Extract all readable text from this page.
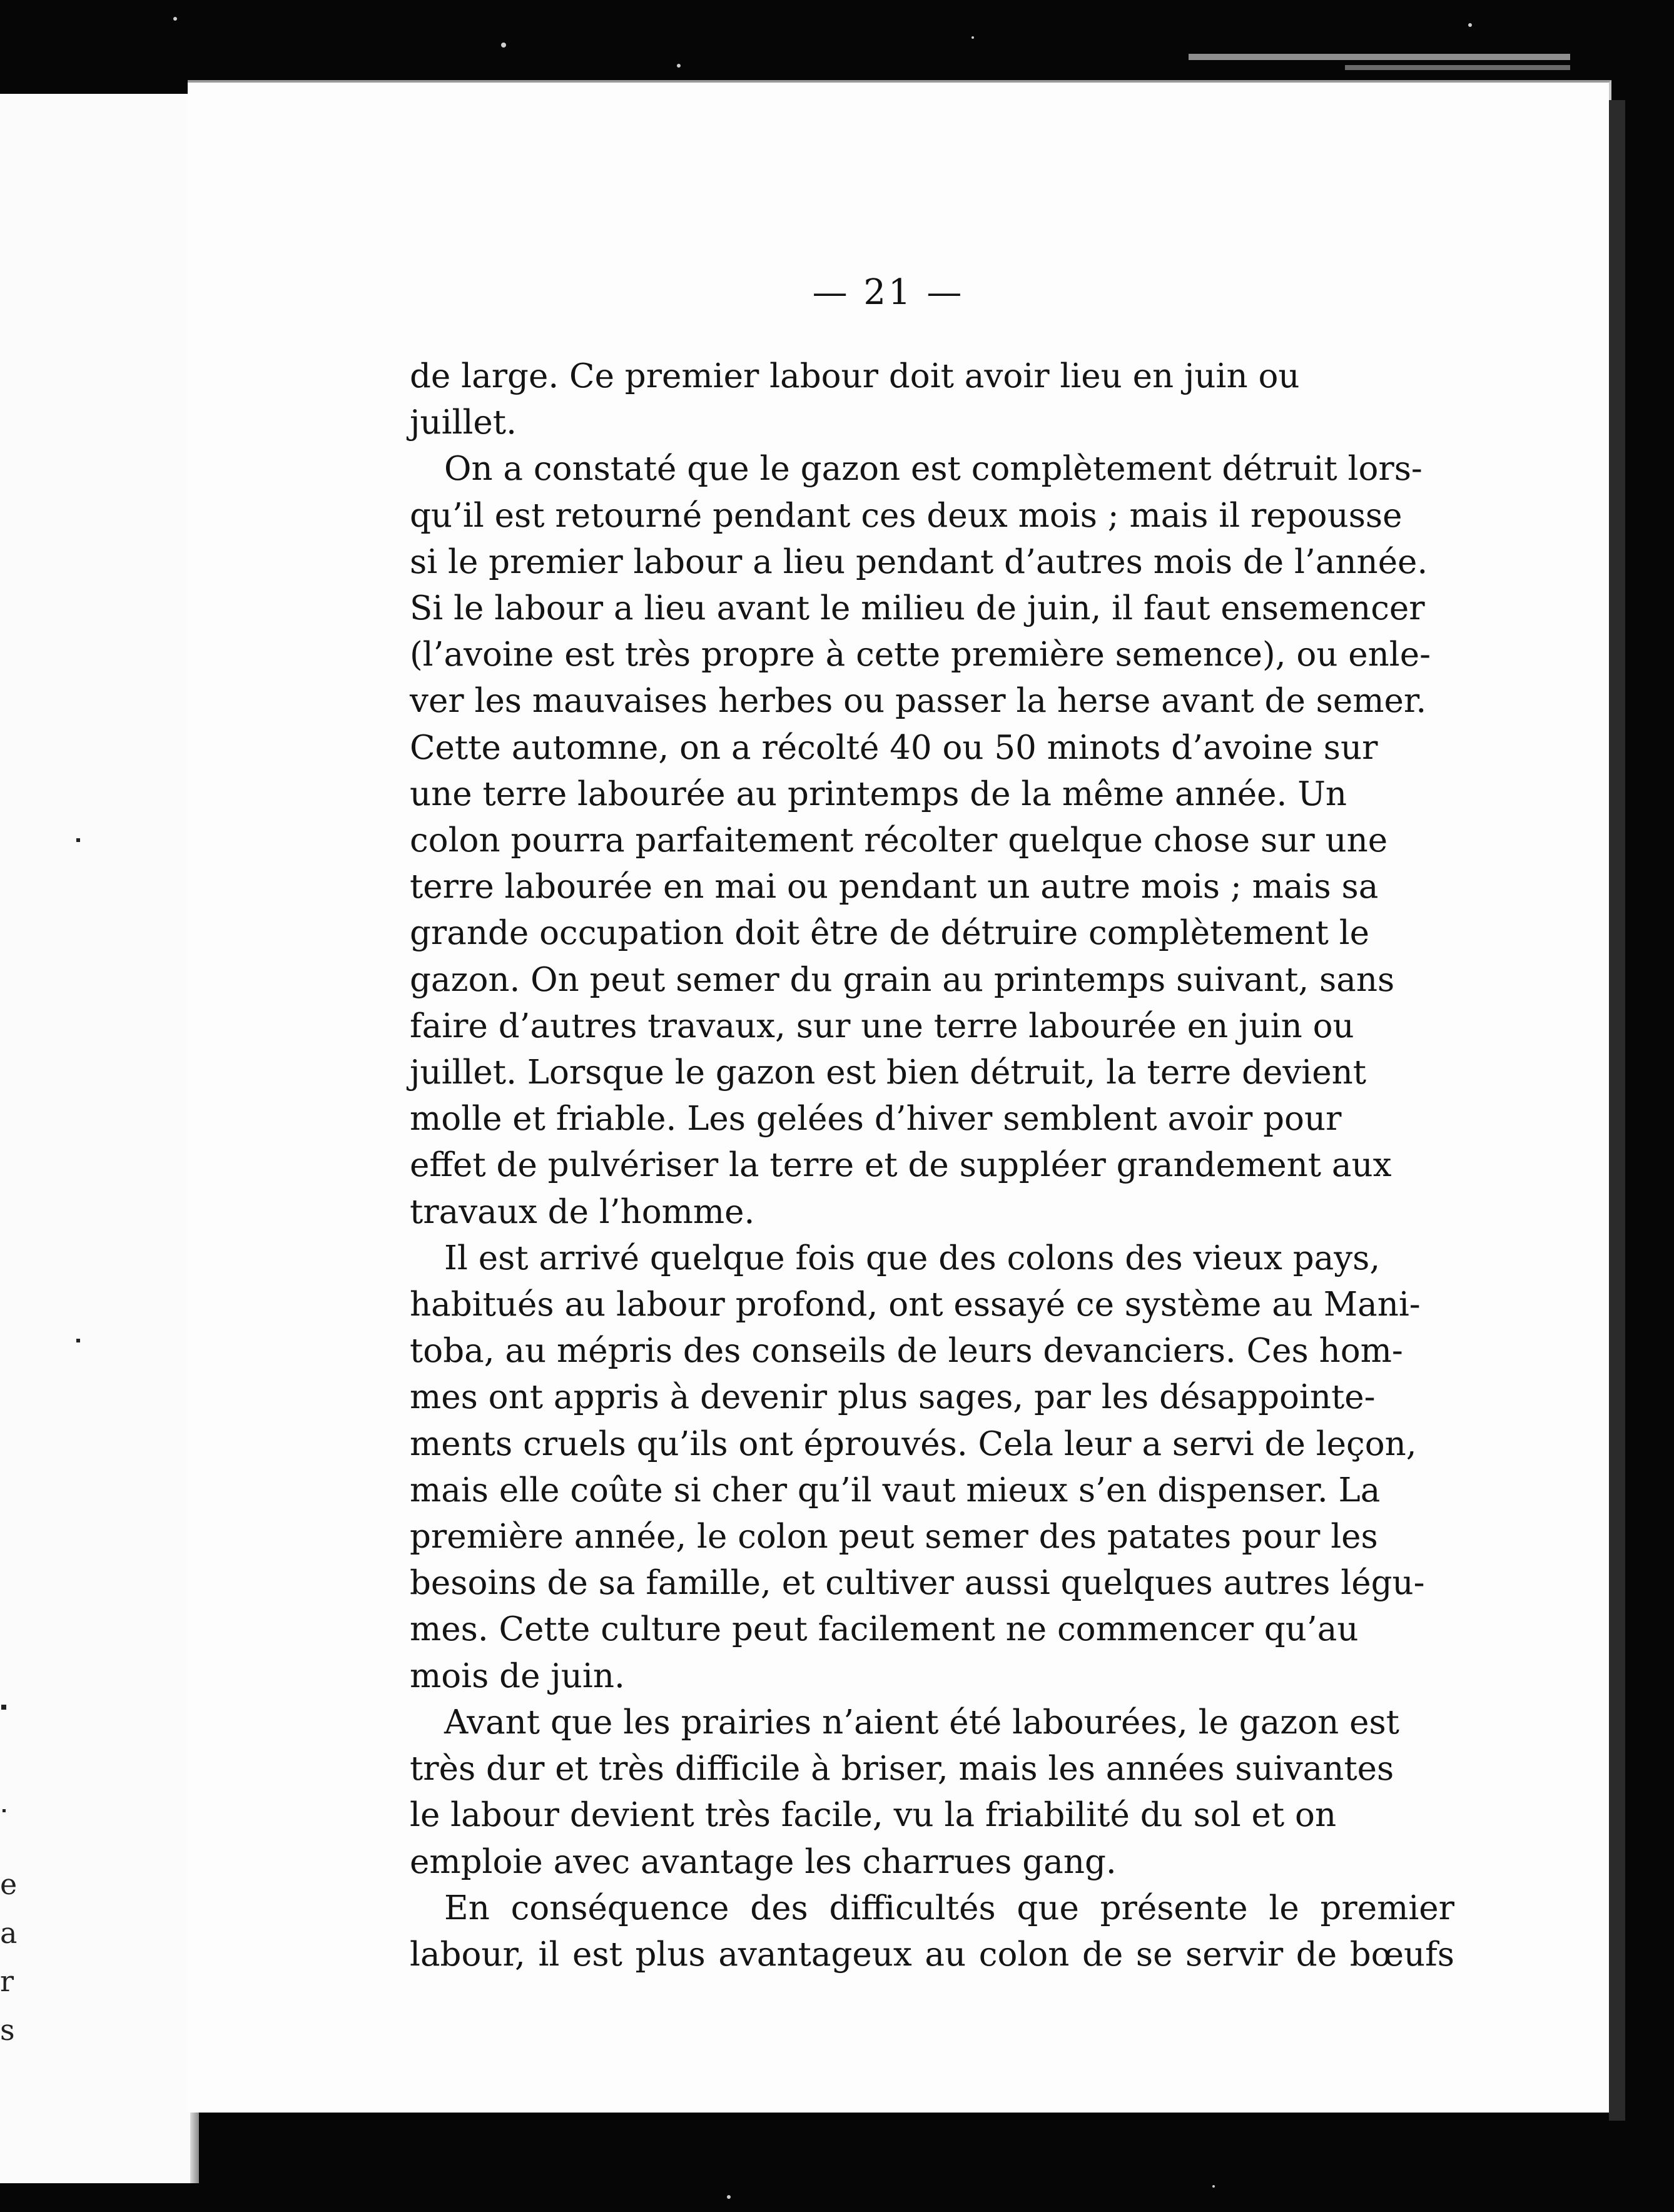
e
a
r
s
— 21 —

de large. Ce premier labour doit avoir lieu en juin ou
juillet.

On a constaté que le gazon est complètement détruit lors-
qu’il est retourné pendant ces deux mois ; mais il repousse
si le premier labour a lieu pendant d’autres mois de l’année.
Si le labour a lieu avant le milieu de juin, il faut ensemencer
(l’avoine est très propre à cette première semence), ou enle-
ver les mauvaises herbes ou passer la herse avant de semer.
Cette automne, on a récolté 40 ou 50 minots d’avoine sur
une terre labourée au printemps de la même année. Un
colon pourra parfaitement récolter quelque chose sur une
terre labourée en mai ou pendant un autre mois ; mais sa
grande occupation doit être de détruire complètement le
gazon. On peut semer du grain au printemps suivant, sans
faire d’autres travaux, sur une terre labourée en juin ou
juillet. Lorsque le gazon est bien détruit, la terre devient
molle et friable. Les gelées d’hiver semblent avoir pour
effet de pulvériser la terre et de suppléer grandement aux
travaux de l’homme.

Il est arrivé quelque fois que des colons des vieux pays,
habitués au labour profond, ont essayé ce système au Mani-
toba, au mépris des conseils de leurs devanciers. Ces hom-
mes ont appris à devenir plus sages, par les désappointe-
ments cruels qu’ils ont éprouvés. Cela leur a servi de leçon,
mais elle coûte si cher qu’il vaut mieux s’en dispenser. La
première année, le colon peut semer des patates pour les
besoins de sa famille, et cultiver aussi quelques autres légu-
mes. Cette culture peut facilement ne commencer qu’au
mois de juin.

Avant que les prairies n’aient été labourées, le gazon est
très dur et très difficile à briser, mais les années suivantes
le labour devient très facile, vu la friabilité du sol et on
emploie avec avantage les charrues gang.

En conséquence des difficultés que présente le premier
labour, il est plus avantageux au colon de se servir de bœufs
